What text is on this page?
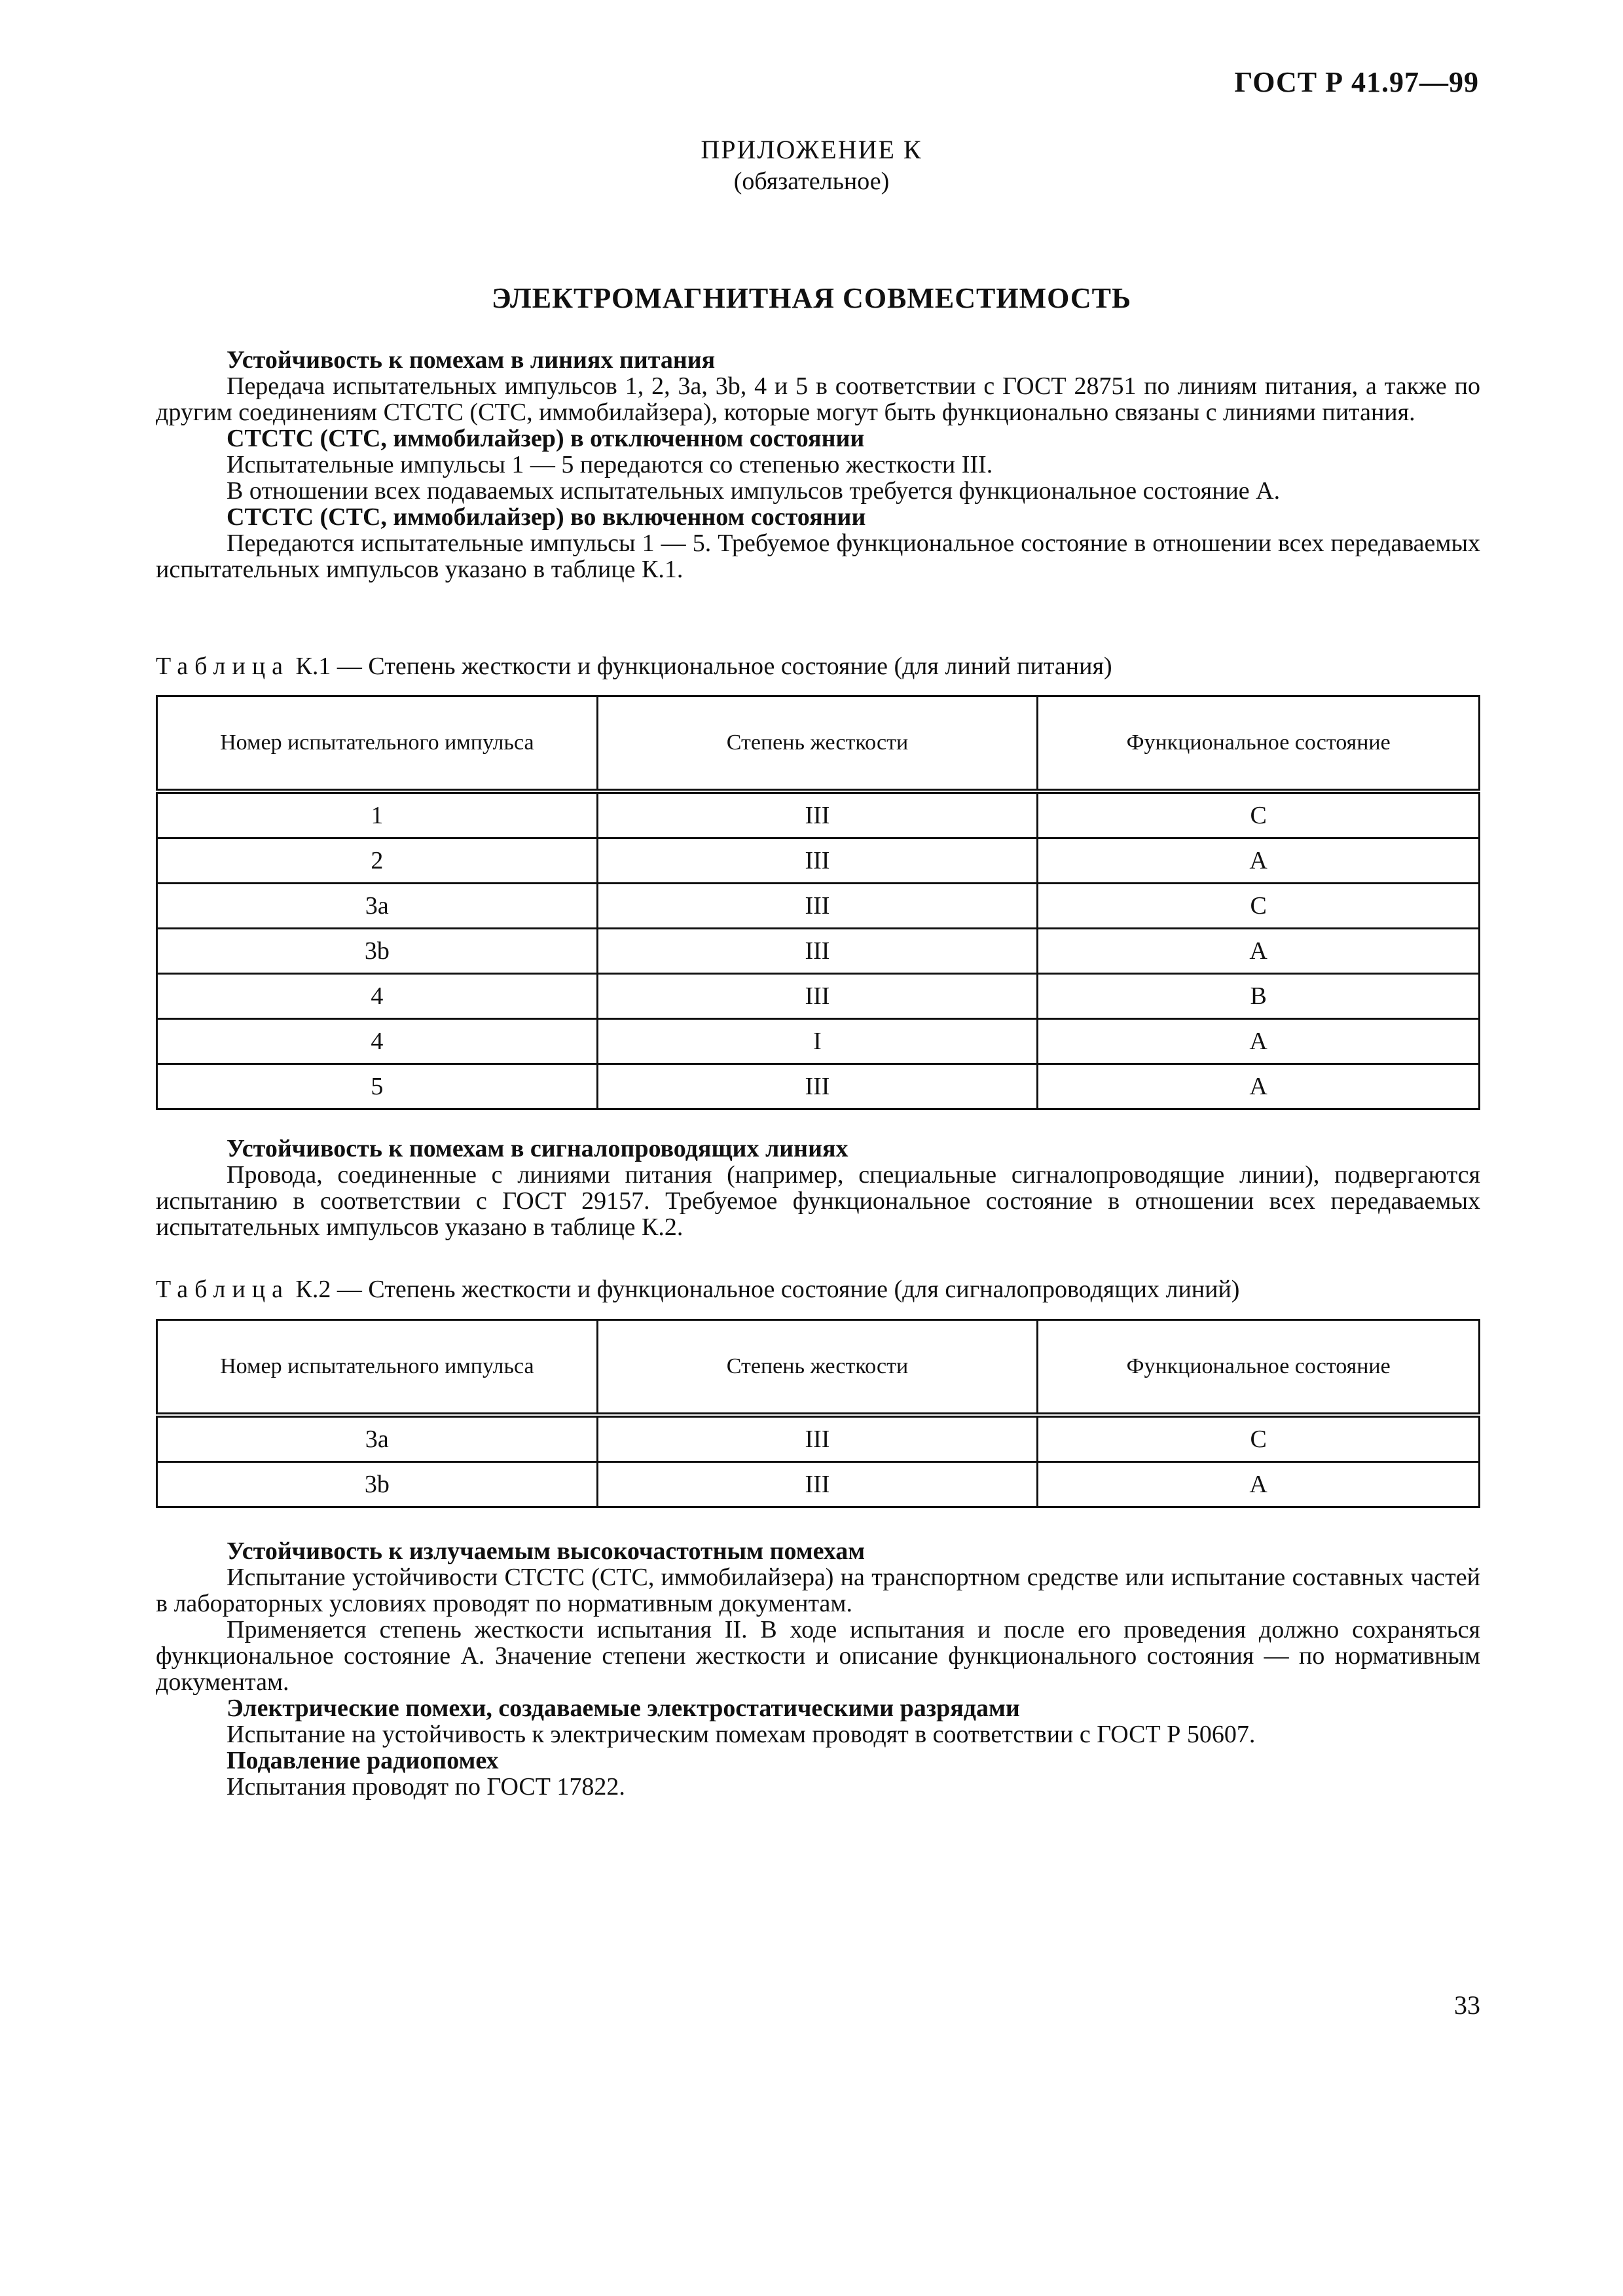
ГОСТ Р 41.97—99
ПРИЛОЖЕНИЕ К
(обязательное)
ЭЛЕКТРОМАГНИТНАЯ СОВМЕСТИМОСТЬ
Устойчивость к помехам в линиях питания
Передача испытательных импульсов 1, 2, 3a, 3b, 4 и 5 в соответствии с ГОСТ 28751 по линиям питания, а также по другим соединениям СТСТС (СТС, иммобилайзера), которые могут быть функционально связаны с линиями питания.
СТСТС (СТС, иммобилайзер) в отключенном состоянии
Испытательные импульсы 1 — 5 передаются со степенью жесткости III.
В отношении всех подаваемых испытательных импульсов требуется функциональное состояние А.
СТСТС (СТС, иммобилайзер) во включенном состоянии
Передаются испытательные импульсы 1 — 5. Требуемое функциональное состояние в отношении всех передаваемых испытательных импульсов указано в таблице К.1.
Таблица К.1 — Степень жесткости и функциональное состояние (для линий питания)
Номер испытательного импульса	Степень жесткости	Функциональное состояние
1	III	C
2	III	A
3a	III	C
3b	III	A
4	III	B
4	I	A
5	III	A
Устойчивость к помехам в сигналопроводящих линиях
Провода, соединенные с линиями питания (например, специальные сигналопроводящие линии), подвергаются испытанию в соответствии с ГОСТ 29157. Требуемое функциональное состояние в отношении всех передаваемых испытательных импульсов указано в таблице К.2.
Таблица К.2 — Степень жесткости и функциональное состояние (для сигналопроводящих линий)
Номер испытательного импульса	Степень жесткости	Функциональное состояние
3a	III	C
3b	III	A
Устойчивость к излучаемым высокочастотным помехам
Испытание устойчивости СТСТС (СТС, иммобилайзера) на транспортном средстве или испытание составных частей в лабораторных условиях проводят по нормативным документам.
Применяется степень жесткости испытания II. В ходе испытания и после его проведения должно сохраняться функциональное состояние А. Значение степени жесткости и описание функционального состояния — по нормативным документам.
Электрические помехи, создаваемые электростатическими разрядами
Испытание на устойчивость к электрическим помехам проводят в соответствии с ГОСТ Р 50607.
Подавление радиопомех
Испытания проводят по ГОСТ 17822.
33
